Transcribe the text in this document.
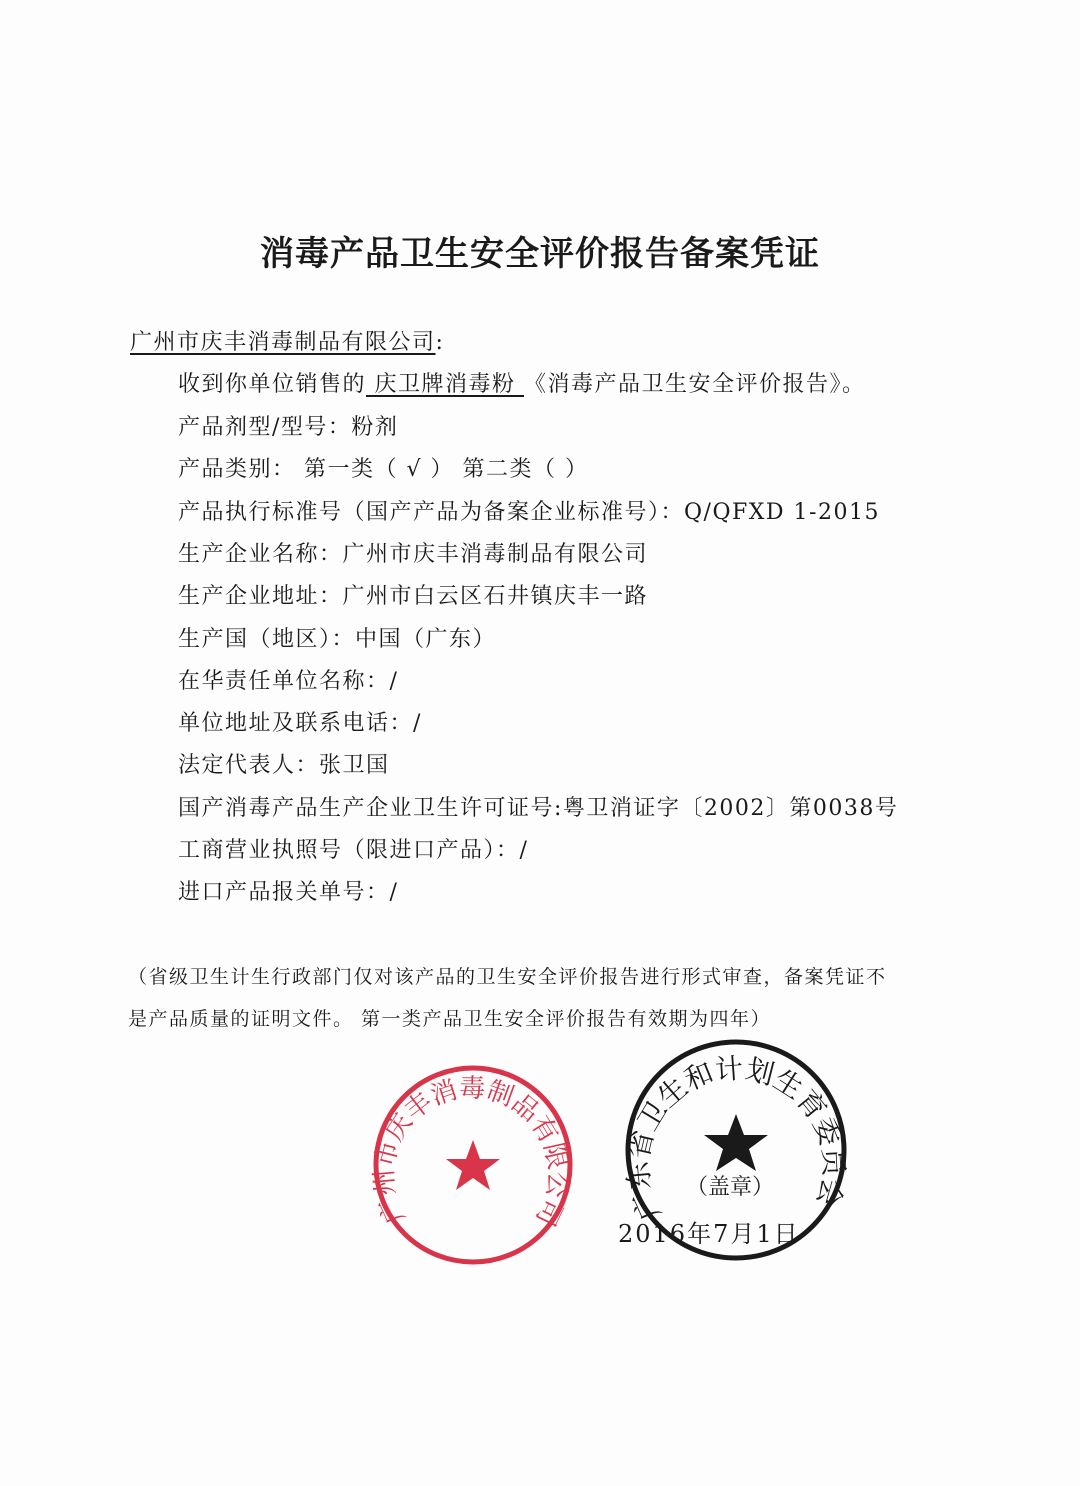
消毒产品卫生安全评价报告备案凭证
广州市庆丰消毒制品有限公司:
收到你单位销售的 庆卫牌消毒粉 《消毒产品卫生安全评价报告》。
产品剂型/型号：粉剂
产品类别： 第一类（ √ ） 第二类（ ）
产品执行标准号（国产产品为备案企业标准号）：Q/QFXD 1-2015
生产企业名称：广州市庆丰消毒制品有限公司
生产企业地址：广州市白云区石井镇庆丰一路
生产国（地区）：中国（广东）
在华责任单位名称：/
单位地址及联系电话：/
法定代表人：张卫国
国产消毒产品生产企业卫生许可证号:粤卫消证字〔2002〕第0038号
工商营业执照号（限进口产品）：/
进口产品报关单号：/
（省级卫生计生行政部门仅对该产品的卫生安全评价报告进行形式审查，备案凭证不
是产品质量的证明文件。 第一类产品卫生安全评价报告有效期为四年）
广州市庆丰消毒制品有限公司 广东省卫生和计划生育委员会
（盖章）
2016年7月1日
